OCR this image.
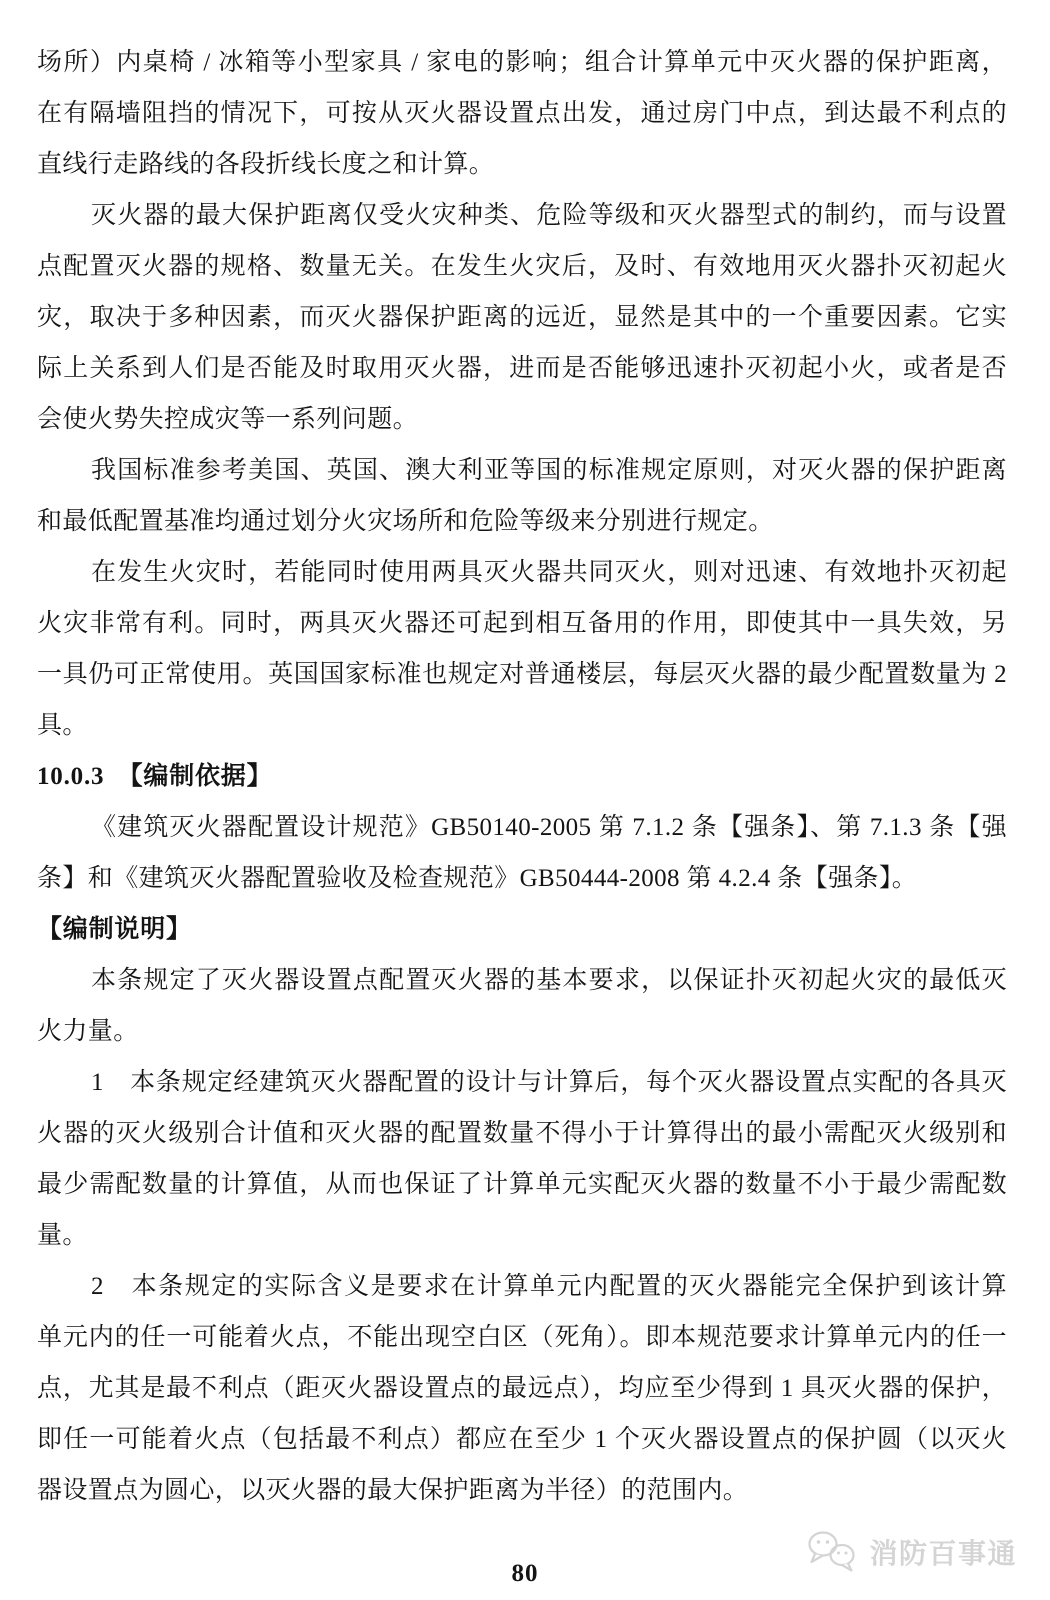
场所）内桌椅 / 冰箱等小型家具 / 家电的影响；组合计算单元中灭火器的保护距离，
在有隔墙阻挡的情况下，可按从灭火器设置点出发，通过房门中点，到达最不利点的
直线行走路线的各段折线长度之和计算。
灭火器的最大保护距离仅受火灾种类、危险等级和灭火器型式的制约，而与设置
点配置灭火器的规格、数量无关。在发生火灾后，及时、有效地用灭火器扑灭初起火
灾，取决于多种因素，而灭火器保护距离的远近，显然是其中的一个重要因素。它实
际上关系到人们是否能及时取用灭火器，进而是否能够迅速扑灭初起小火，或者是否
会使火势失控成灾等一系列问题。
我国标准参考美国、英国、澳大利亚等国的标准规定原则，对灭火器的保护距离
和最低配置基准均通过划分火灾场所和危险等级来分别进行规定。
在发生火灾时，若能同时使用两具灭火器共同灭火，则对迅速、有效地扑灭初起
火灾非常有利。同时，两具灭火器还可起到相互备用的作用，即使其中一具失效，另
一具仍可正常使用。英国国家标准也规定对普通楼层，每层灭火器的最少配置数量为 2
具。
10.0.3　【编制依据】
《建筑灭火器配置设计规范》GB50140-2005 第 7.1.2 条【强条】、第 7.1.3 条【强
条】和《建筑灭火器配置验收及检查规范》GB50444-2008 第 4.2.4 条【强条】。
【编制说明】
本条规定了灭火器设置点配置灭火器的基本要求，以保证扑灭初起火灾的最低灭
火力量。
1　本条规定经建筑灭火器配置的设计与计算后，每个灭火器设置点实配的各具灭
火器的灭火级别合计值和灭火器的配置数量不得小于计算得出的最小需配灭火级别和
最少需配数量的计算值，从而也保证了计算单元实配灭火器的数量不小于最少需配数
量。
2　本条规定的实际含义是要求在计算单元内配置的灭火器能完全保护到该计算
单元内的任一可能着火点，不能出现空白区（死角）。即本规范要求计算单元内的任一
点，尤其是最不利点（距灭火器设置点的最远点），均应至少得到 1 具灭火器的保护，
即任一可能着火点（包括最不利点）都应在至少 1 个灭火器设置点的保护圆（以灭火
器设置点为圆心，以灭火器的最大保护距离为半径）的范围内。
80
消防百事通
